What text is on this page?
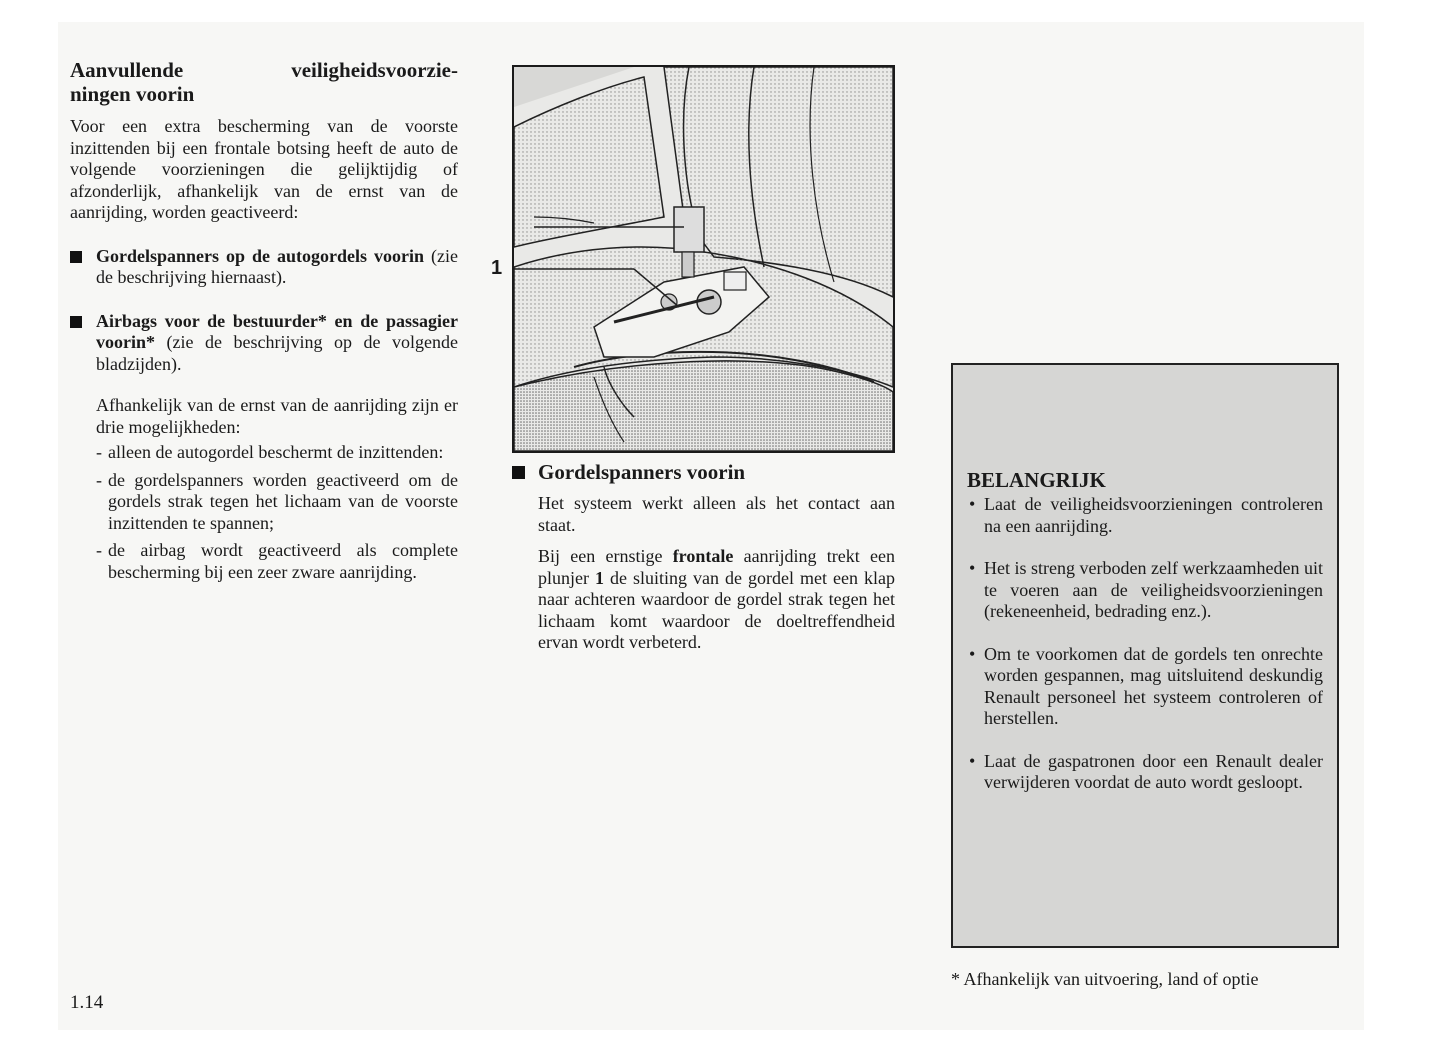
Aanvullende veiligheidsvoorzie-
ningen voorin

Voor een extra bescherming van de voorste inzittenden bij een frontale botsing heeft de auto de volgende voorzieningen die gelijktijdig of afzonderlijk, afhankelijk van de ernst van de aanrijding, worden geactiveerd:

Gordelspanners op de autogordels voorin (zie de beschrijving hiernaast).
Airbags voor de bestuurder* en de passagier voorin* (zie de beschrijving op de volgende bladzijden).

Afhankelijk van de ernst van de aanrijding zijn er drie mogelijkheden:

- alleen de autogordel beschermt de inzittenden:
- de gordelspanners worden geactiveerd om de gordels strak tegen het lichaam van de voorste inzittenden te spannen;
- de airbag wordt geactiveerd als complete bescherming bij een zeer zware aanrijding.
1
Gordelspanners voorin

Het systeem werkt alleen als het contact aan staat.

Bij een ernstige frontale aanrijding trekt een plunjer 1 de sluiting van de gordel met een klap naar achteren waardoor de gordel strak tegen het lichaam komt waardoor de doeltreffendheid ervan wordt verbeterd.

BELANGRIJK
• Laat de veiligheidsvoorzieningen controleren na een aanrijding.
• Het is streng verboden zelf werkzaamheden uit te voeren aan de veiligheidsvoorzieningen (rekeneenheid, bedrading enz.).
• Om te voorkomen dat de gordels ten onrechte worden gespannen, mag uitsluitend deskundig Renault personeel het systeem controleren of herstellen.
• Laat de gaspatronen door een Renault dealer verwijderen voordat de auto wordt gesloopt.
* Afhankelijk van uitvoering, land of optie
1.14
